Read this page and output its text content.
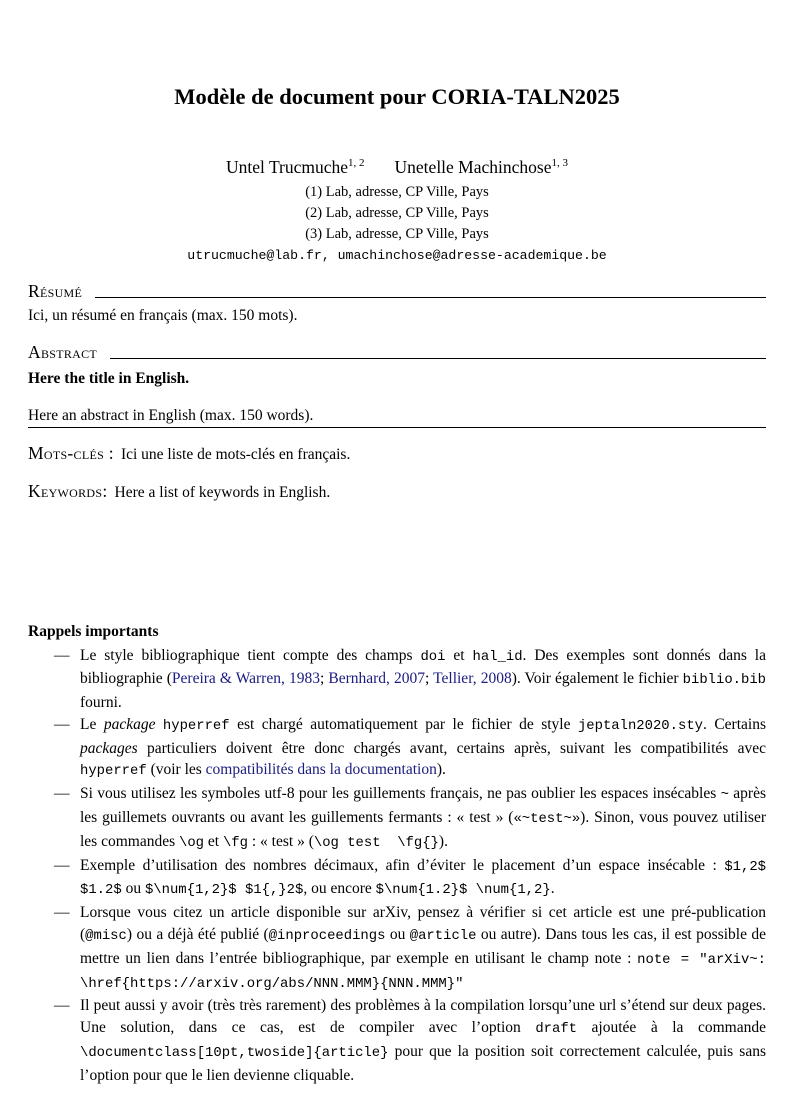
Modèle de document pour CORIA-TALN2025
Untel Trucmuche$^{1, 2}$ Unetelle Machinchose$^{1, 3}$
(1) Lab, adresse, CP Ville, Pays
(2) Lab, adresse, CP Ville, Pays
(3) Lab, adresse, CP Ville, Pays
utrucmuche@lab.fr, umachinchose@adresse-academique.be
Résumé

Ici, un résumé en français (max. 150 mots).

Abstract

Here the title in English.

Here an abstract in English (max. 150 words).

Mots-clés : Ici une liste de mots-clés en français.

Keywords: Here a list of keywords in English.

Rappels importants
— Le style bibliographique tient compte des champs doi et hal_id. Des exemples sont donnés dans la bibliographie (Pereira & Warren, 1983; Bernhard, 2007; Tellier, 2008). Voir également le fichier biblio.bib fourni.
— Le package hyperref est chargé automatiquement par le fichier de style jeptaln2020.sty. Certains packages particuliers doivent être donc chargés avant, certains après, suivant les compatibilités avec hyperref (voir les compatibilités dans la documentation).
— Si vous utilisez les symboles utf-8 pour les guillements français, ne pas oublier les espaces insécables ~ après les guillemets ouvrants ou avant les guillements fermants : « test » («~test~»). Sinon, vous pouvez utiliser les commandes \og et \fg : « test » (\og test  \fg{}).
— Exemple d’utilisation des nombres décimaux, afin d’éviter le placement d’un espace insécable : $1,2$ $1.2$ ou $\num{1,2}$ $1{,}2$, ou encore $\num{1.2}$ \num{1,2}.
— Lorsque vous citez un article disponible sur arXiv, pensez à vérifier si cet article est une pré-publication (@misc) ou a déjà été publié (@inproceedings ou @article ou autre). Dans tous les cas, il est possible de mettre un lien dans l’entrée bibliographique, par exemple en utilisant le champ note : note = "arXiv~: \href{https://arxiv.org/abs/NNN.MMM}{NNN.MMM}"
— Il peut aussi y avoir (très très rarement) des problèmes à la compilation lorsqu’une url s’étend sur deux pages. Une solution, dans ce cas, est de compiler avec l’option draft ajoutée à la commande \documentclass[10pt,twoside]{article} pour que la position soit correctement calculée, puis sans l’option pour que le lien devienne cliquable.
